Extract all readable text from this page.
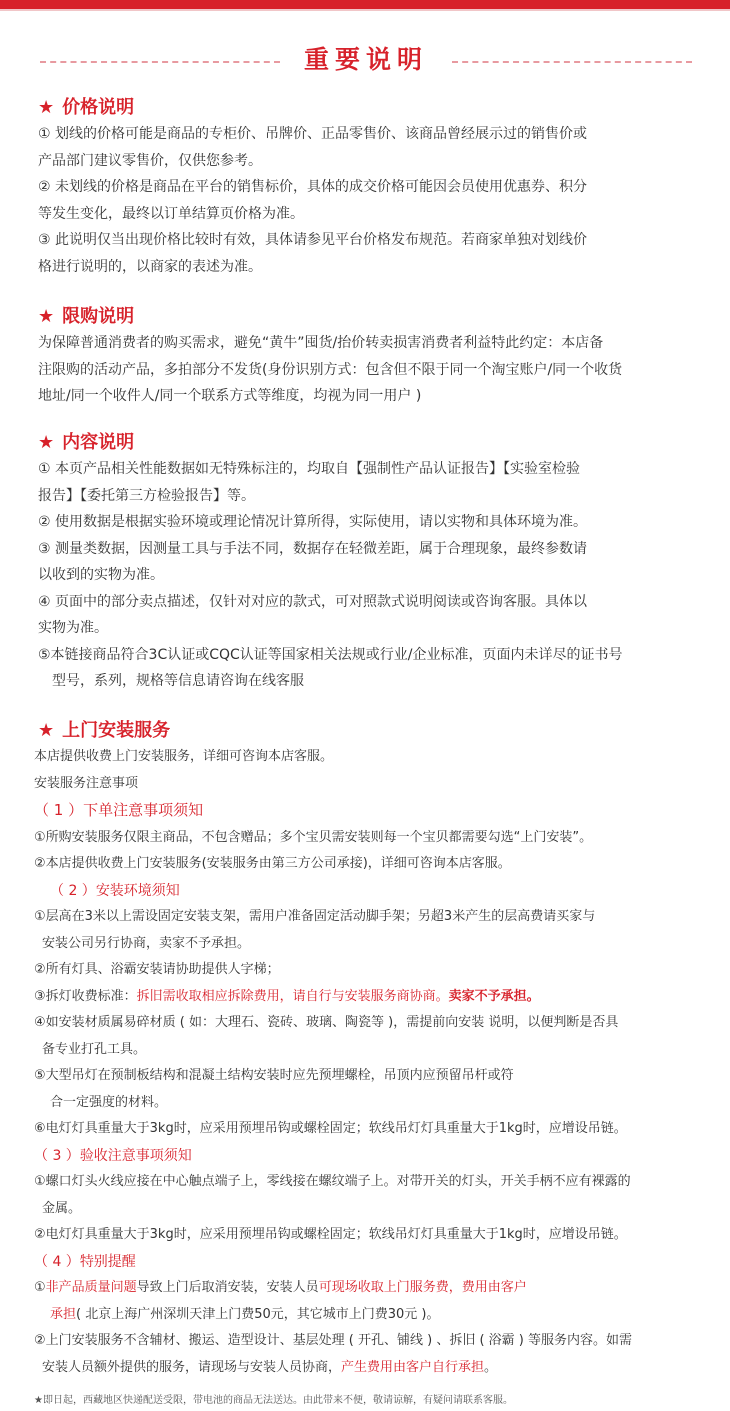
重要说明
★ 价格说明
① 划线的价格可能是商品的专柜价、吊牌价、正品零售价、该商品曾经展示过的销售价或
产品部门建议零售价，仅供您参考。
② 未划线的价格是商品在平台的销售标价，具体的成交价格可能因会员使用优惠券、积分
等发生变化，最终以订单结算页价格为准。
③ 此说明仅当出现价格比较时有效，具体请参见平台价格发布规范。若商家单独对划线价
格进行说明的，以商家的表述为准。
★ 限购说明
为保障普通消费者的购买需求，避免“黄牛”囤货/抬价转卖损害消费者利益特此约定：本店备
注限购的活动产品，多拍部分不发货(身份识别方式：包含但不限于同一个淘宝账户/同一个收货
地址/同一个收件人/同一个联系方式等维度，均视为同一用户 )
★ 内容说明
① 本页产品相关性能数据如无特殊标注的，均取自【强制性产品认证报告】【实验室检验
报告】【委托第三方检验报告】等。
② 使用数据是根据实验环境或理论情况计算所得，实际使用，请以实物和具体环境为准。
③ 测量类数据，因测量工具与手法不同，数据存在轻微差距，属于合理现象，最终参数请
以收到的实物为准。
④ 页面中的部分卖点描述，仅针对对应的款式，可对照款式说明阅读或咨询客服。具体以
实物为准。
⑤本链接商品符合3C认证或CQC认证等国家相关法规或行业/企业标准，页面内未详尽的证书号
型号，系列，规格等信息请咨询在线客服
★ 上门安装服务
本店提供收费上门安装服务，详细可咨询本店客服。
安装服务注意事项
（ 1 ）下单注意事项须知
①所购安装服务仅限主商品，不包含赠品；多个宝贝需安装则每一个宝贝都需要勾选“上门安装”。
②本店提供收费上门安装服务(安装服务由第三方公司承接)，详细可咨询本店客服。
（ 2 ）安装环境须知
①层高在3米以上需设固定安装支架，需用户准备固定活动脚手架；另超3米产生的层高费请买家与
安装公司另行协商，卖家不予承担。
②所有灯具、浴霸安装请协助提供人字梯；
③拆灯收费标准：拆旧需收取相应拆除费用，请自行与安装服务商协商。卖家不予承担。
④如安装材质属易碎材质 ( 如：大理石、瓷砖、玻璃、陶瓷等 )，需提前向安装 说明，以便判断是否具
备专业打孔工具。
⑤大型吊灯在预制板结构和混凝土结构安装时应先预埋螺栓，吊顶内应预留吊杆或符
合一定强度的材料。
⑥电灯灯具重量大于3kg时，应采用预埋吊钩或螺栓固定；软线吊灯灯具重量大于1kg时，应增设吊链。
（ 3 ）验收注意事项须知
①螺口灯头火线应接在中心触点端子上，零线接在螺纹端子上。对带开关的灯头，开关手柄不应有裸露的
金属。
②电灯灯具重量大于3kg时，应采用预埋吊钩或螺栓固定；软线吊灯灯具重量大于1kg时，应增设吊链。
（ 4 ）特别提醒
①非产品质量问题导致上门后取消安装，安装人员可现场收取上门服务费，费用由客户
承担( 北京上海广州深圳天津上门费50元，其它城市上门费30元 )。
②上门安装服务不含辅材、搬运、造型设计、基层处理 ( 开孔、铺线 ) 、拆旧 ( 浴霸 ) 等服务内容。如需
安装人员额外提供的服务，请现场与安装人员协商，产生费用由客户自行承担。
★即日起，西藏地区快递配送受限，带电池的商品无法送达。由此带来不便，敬请谅解，有疑问请联系客服。
